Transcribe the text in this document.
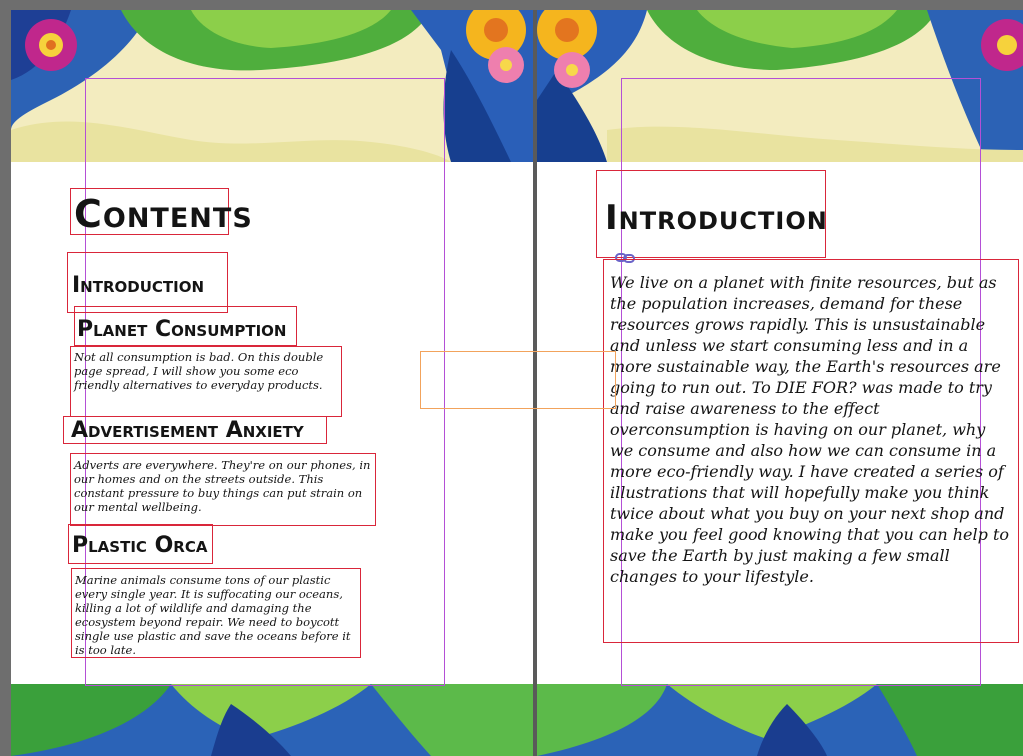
Contents
Introduction
Planet Consumption
Not all consumption is bad. On this double page spread, I will show you some eco friendly alternatives to everyday products.
Advertisement Anxiety
Adverts are everywhere. They're on our phones, in our homes and on the streets outside. This constant pressure to buy things can put strain on our mental wellbeing.
Plastic Orca
Marine animals consume tons of our plastic every single year. It is suffocating our oceans, killing a lot of wildlife and damaging the ecosystem beyond repair. We need to boycott single use plastic and save the oceans before it is too late.
Introduction
We live on a planet with finite resources, but as the population increases, demand for these resources grows rapidly. This is unsustainable and unless we start consuming less and in a more sustainable way, the Earth's resources are going to run out. To DIE FOR? was made to try and raise awareness to the effect overconsumption is having on our planet, why we consume and also how we can consume in a more eco-friendly way. I have created a series of illustrations that will hopefully make you think twice about what you buy on your next shop and make you feel good knowing that you can help to save the Earth by just making a few small changes to your lifestyle.
